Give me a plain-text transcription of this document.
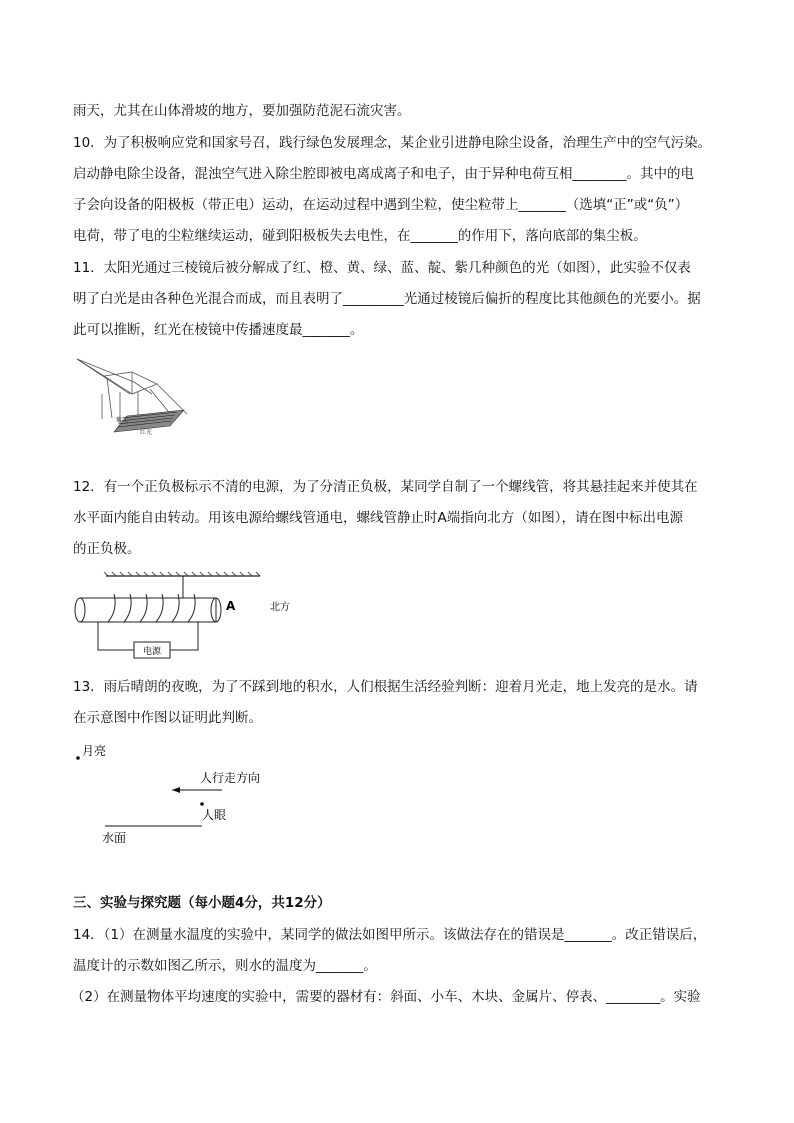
雨天，尤其在山体滑坡的地方，要加强防范泥石流灾害。
10．为了积极响应党和国家号召，践行绿色发展理念，某企业引进静电除尘设备，治理生产中的空气污染。
启动静电除尘设备，混浊空气进入除尘腔即被电离成离子和电子，由于异种电荷互相________。其中的电
子会向设备的阳极板（带正电）运动，在运动过程中遇到尘粒，使尘粒带上_______（选填“正”或“负”）
电荷，带了电的尘粒继续运动，碰到阳极板失去电性，在_______的作用下，落向底部的集尘板。
11．太阳光通过三棱镜后被分解成了红、橙、黄、绿、蓝、靛、紫几种颜色的光（如图），此实验不仅表
明了白光是由各种色光混合而成，而且表明了_________光通过棱镜后偏折的程度比其他颜色的光要小。据
此可以推断，红光在棱镜中传播速度最_______。
紫光
红光
12．有一个正负极标示不清的电源，为了分清正负极，某同学自制了一个螺线管，将其悬挂起来并使其在
水平面内能自由转动。用该电源给螺线管通电，螺线管静止时A端指向北方（如图），请在图中标出电源
的正负极。
电源
A	北方
13．雨后晴朗的夜晚，为了不踩到地的积水，人们根据生活经验判断：迎着月光走，地上发亮的是水。请
在示意图中作图以证明此判断。
月亮
人行走方向
人眼
水面
三、实验与探究题（每小题4分，共12分）
14．（1）在测量水温度的实验中，某同学的做法如图甲所示。该做法存在的错误是_______。改正错误后，
温度计的示数如图乙所示，则水的温度为_______。
（2）在测量物体平均速度的实验中，需要的器材有：斜面、小车、木块、金属片、停表、________。实验
